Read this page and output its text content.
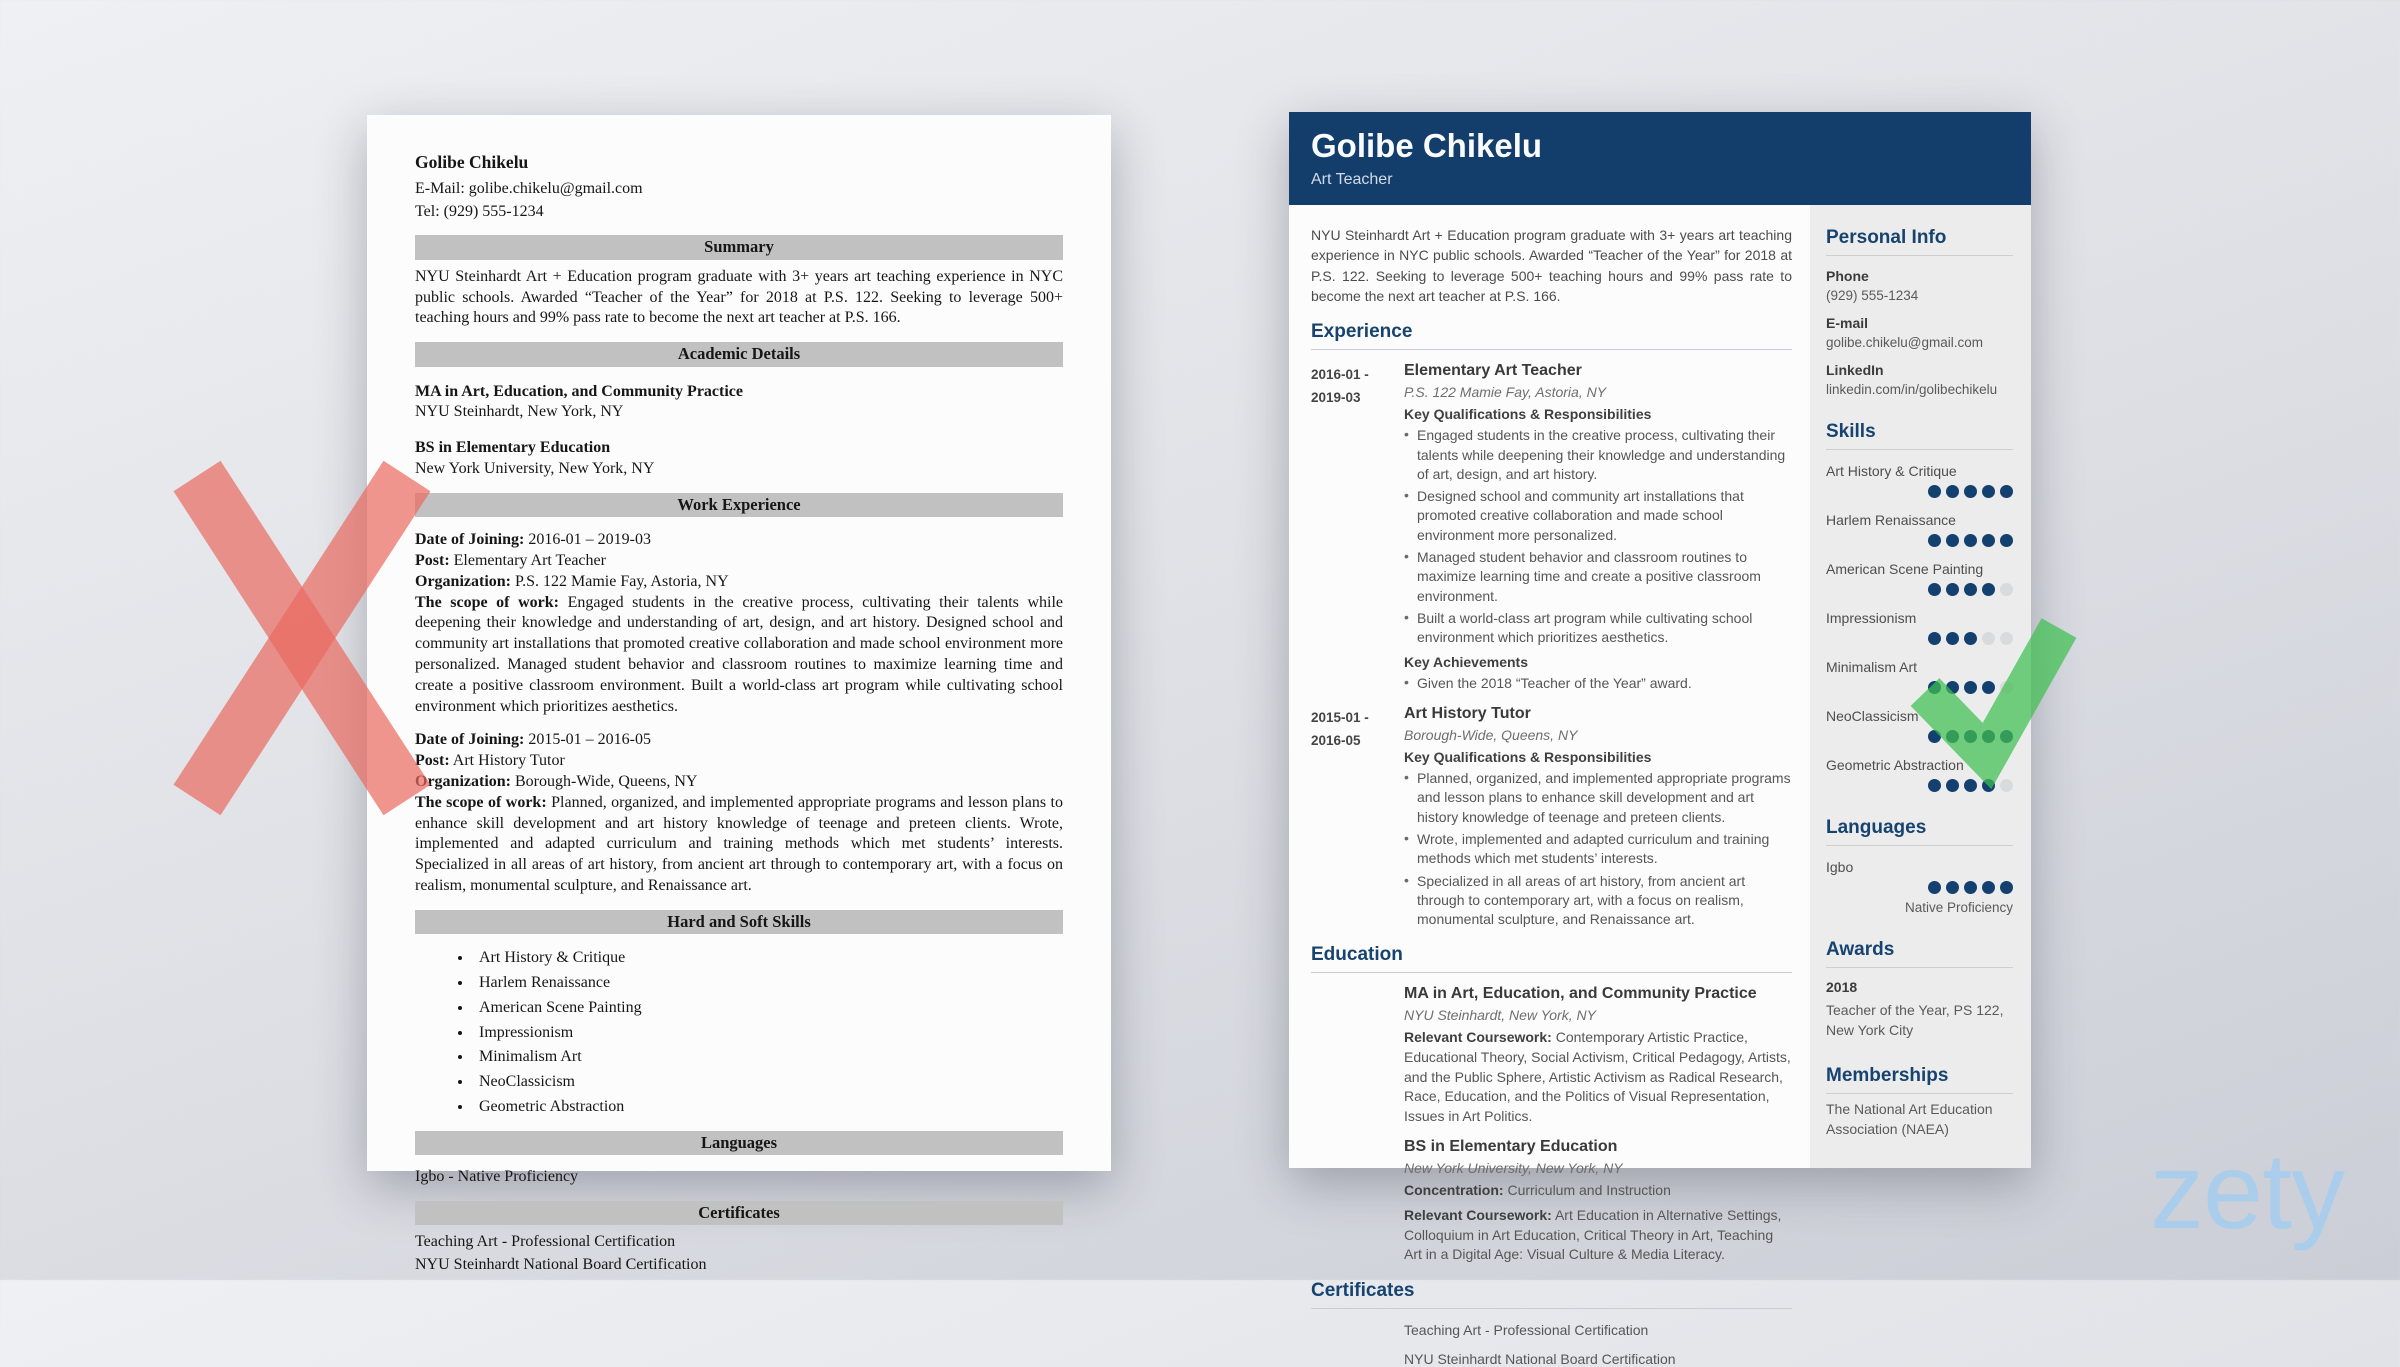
Golibe Chikelu
E-Mail: golibe.chikelu@gmail.com
Tel: (929) 555-1234
Summary
NYU Steinhardt Art + Education program graduate with 3+ years art teaching experience in NYC public schools. Awarded “Teacher of the Year” for 2018 at P.S. 122. Seeking to leverage 500+ teaching hours and 99% pass rate to become the next art teacher at P.S. 166.
Academic Details
MA in Art, Education, and Community Practice
NYU Steinhardt, New York, NY
BS in Elementary Education
New York University, New York, NY
Work Experience
Date of Joining: 2016-01 – 2019-03
Post: Elementary Art Teacher
Organization: P.S. 122 Mamie Fay, Astoria, NY
The scope of work: Engaged students in the creative process, cultivating their talents while deepening their knowledge and understanding of art, design, and art history. Designed school and community art installations that promoted creative collaboration and made school environment more personalized. Managed student behavior and classroom routines to maximize learning time and create a positive classroom environment. Built a world-class art program while cultivating school environment which prioritizes aesthetics.
Date of Joining: 2015-01 – 2016-05
Post: Art History Tutor
Organization: Borough-Wide, Queens, NY
The scope of work: Planned, organized, and implemented appropriate programs and lesson plans to enhance skill development and art history knowledge of teenage and preteen clients. Wrote, implemented and adapted curriculum and training methods which met students’ interests. Specialized in all areas of art history, from ancient art through to contemporary art, with a focus on realism, monumental sculpture, and Renaissance art.
Hard and Soft Skills
• Art History & Critique
• Harlem Renaissance
• American Scene Painting
• Impressionism
• Minimalism Art
• NeoClassicism
• Geometric Abstraction
Languages
Igbo - Native Proficiency
Certificates
Teaching Art - Professional Certification
NYU Steinhardt National Board Certification
Golibe Chikelu
Art Teacher
NYU Steinhardt Art + Education program graduate with 3+ years art teaching experience in NYC public schools. Awarded “Teacher of the Year” for 2018 at P.S. 122. Seeking to leverage 500+ teaching hours and 99% pass rate to become the next art teacher at P.S. 166.
Experience
2016-01 -
2019-03
Elementary Art Teacher
P.S. 122 Mamie Fay, Astoria, NY
Key Qualifications & Responsibilities
• Engaged students in the creative process, cultivating their talents while deepening their knowledge and understanding of art, design, and art history.
• Designed school and community art installations that promoted creative collaboration and made school environment more personalized.
• Managed student behavior and classroom routines to maximize learning time and create a positive classroom environment.
• Built a world-class art program while cultivating school environment which prioritizes aesthetics.
Key Achievements
• Given the 2018 “Teacher of the Year” award.
2015-01 -
2016-05
Art History Tutor
Borough-Wide, Queens, NY
Key Qualifications & Responsibilities
• Planned, organized, and implemented appropriate programs and lesson plans to enhance skill development and art history knowledge of teenage and preteen clients.
• Wrote, implemented and adapted curriculum and training methods which met students’ interests.
• Specialized in all areas of art history, from ancient art through to contemporary art, with a focus on realism, monumental sculpture, and Renaissance art.
Education
MA in Art, Education, and Community Practice
NYU Steinhardt, New York, NY
Relevant Coursework: Contemporary Artistic Practice, Educational Theory, Social Activism, Critical Pedagogy, Artists, and the Public Sphere, Artistic Activism as Radical Research, Race, Education, and the Politics of Visual Representation, Issues in Art Politics.
BS in Elementary Education
New York University, New York, NY
Concentration: Curriculum and Instruction
Relevant Coursework: Art Education in Alternative Settings, Colloquium in Art Education, Critical Theory in Art, Teaching Art in a Digital Age: Visual Culture & Media Literacy.
Certificates
Teaching Art - Professional Certification
NYU Steinhardt National Board Certification
Personal Info
Phone
(929) 555-1234
E-mail
golibe.chikelu@gmail.com
LinkedIn
linkedin.com/in/golibechikelu
Skills
Art History & Critique
Harlem Renaissance
American Scene Painting
Impressionism
Minimalism Art
NeoClassicism
Geometric Abstraction
Languages
Igbo
Native Proficiency
Awards
2018
Teacher of the Year, PS 122, New York City
Memberships
The National Art Education Association (NAEA)
zety
